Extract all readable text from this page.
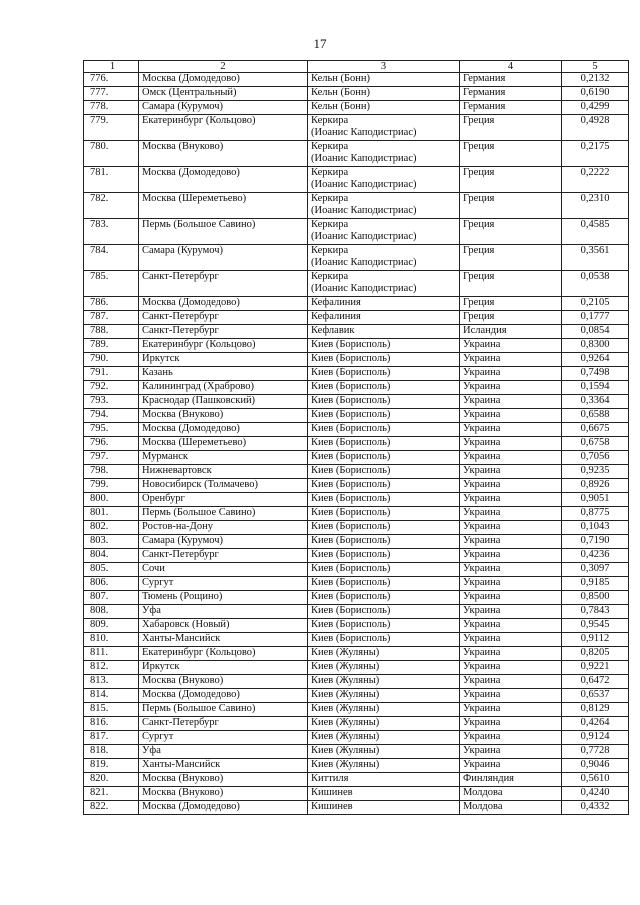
17
1	2	3	4	5
776.	Москва (Домодедово)	Кельн (Бонн)	Германия	0,2132
777.	Омск (Центральный)	Кельн (Бонн)	Германия	0,6190
778.	Самара (Курумоч)	Кельн (Бонн)	Германия	0,4299
779.	Екатеринбург (Кольцово)	Керкира
(Иоанис Каподистриас)	Греция	0,4928
780.	Москва (Внуково)	Керкира
(Иоанис Каподистриас)	Греция	0,2175
781.	Москва (Домодедово)	Керкира
(Иоанис Каподистриас)	Греция	0,2222
782.	Москва (Шереметьево)	Керкира
(Иоанис Каподистриас)	Греция	0,2310
783.	Пермь (Большое Савино)	Керкира
(Иоанис Каподистриас)	Греция	0,4585
784.	Самара (Курумоч)	Керкира
(Иоанис Каподистриас)	Греция	0,3561
785.	Санкт-Петербург	Керкира
(Иоанис Каподистриас)	Греция	0,0538
786.	Москва (Домодедово)	Кефалиния	Греция	0,2105
787.	Санкт-Петербург	Кефалиния	Греция	0,1777
788.	Санкт-Петербург	Кефлавик	Исландия	0,0854
789.	Екатеринбург (Кольцово)	Киев (Борисполь)	Украина	0,8300
790.	Иркутск	Киев (Борисполь)	Украина	0,9264
791.	Казань	Киев (Борисполь)	Украина	0,7498
792.	Калининград (Храброво)	Киев (Борисполь)	Украина	0,1594
793.	Краснодар (Пашковский)	Киев (Борисполь)	Украина	0,3364
794.	Москва (Внуково)	Киев (Борисполь)	Украина	0,6588
795.	Москва (Домодедово)	Киев (Борисполь)	Украина	0,6675
796.	Москва (Шереметьево)	Киев (Борисполь)	Украина	0,6758
797.	Мурманск	Киев (Борисполь)	Украина	0,7056
798.	Нижневартовск	Киев (Борисполь)	Украина	0,9235
799.	Новосибирск (Толмачево)	Киев (Борисполь)	Украина	0,8926
800.	Оренбург	Киев (Борисполь)	Украина	0,9051
801.	Пермь (Большое Савино)	Киев (Борисполь)	Украина	0,8775
802.	Ростов-на-Дону	Киев (Борисполь)	Украина	0,1043
803.	Самара (Курумоч)	Киев (Борисполь)	Украина	0,7190
804.	Санкт-Петербург	Киев (Борисполь)	Украина	0,4236
805.	Сочи	Киев (Борисполь)	Украина	0,3097
806.	Сургут	Киев (Борисполь)	Украина	0,9185
807.	Тюмень (Рощино)	Киев (Борисполь)	Украина	0,8500
808.	Уфа	Киев (Борисполь)	Украина	0,7843
809.	Хабаровск (Новый)	Киев (Борисполь)	Украина	0,9545
810.	Ханты-Мансийск	Киев (Борисполь)	Украина	0,9112
811.	Екатеринбург (Кольцово)	Киев (Жуляны)	Украина	0,8205
812.	Иркутск	Киев (Жуляны)	Украина	0,9221
813.	Москва (Внуково)	Киев (Жуляны)	Украина	0,6472
814.	Москва (Домодедово)	Киев (Жуляны)	Украина	0,6537
815.	Пермь (Большое Савино)	Киев (Жуляны)	Украина	0,8129
816.	Санкт-Петербург	Киев (Жуляны)	Украина	0,4264
817.	Сургут	Киев (Жуляны)	Украина	0,9124
818.	Уфа	Киев (Жуляны)	Украина	0,7728
819.	Ханты-Мансийск	Киев (Жуляны)	Украина	0,9046
820.	Москва (Внуково)	Киттиля	Финляндия	0,5610
821.	Москва (Внуково)	Кишинев	Молдова	0,4240
822.	Москва (Домодедово)	Кишинев	Молдова	0,4332
